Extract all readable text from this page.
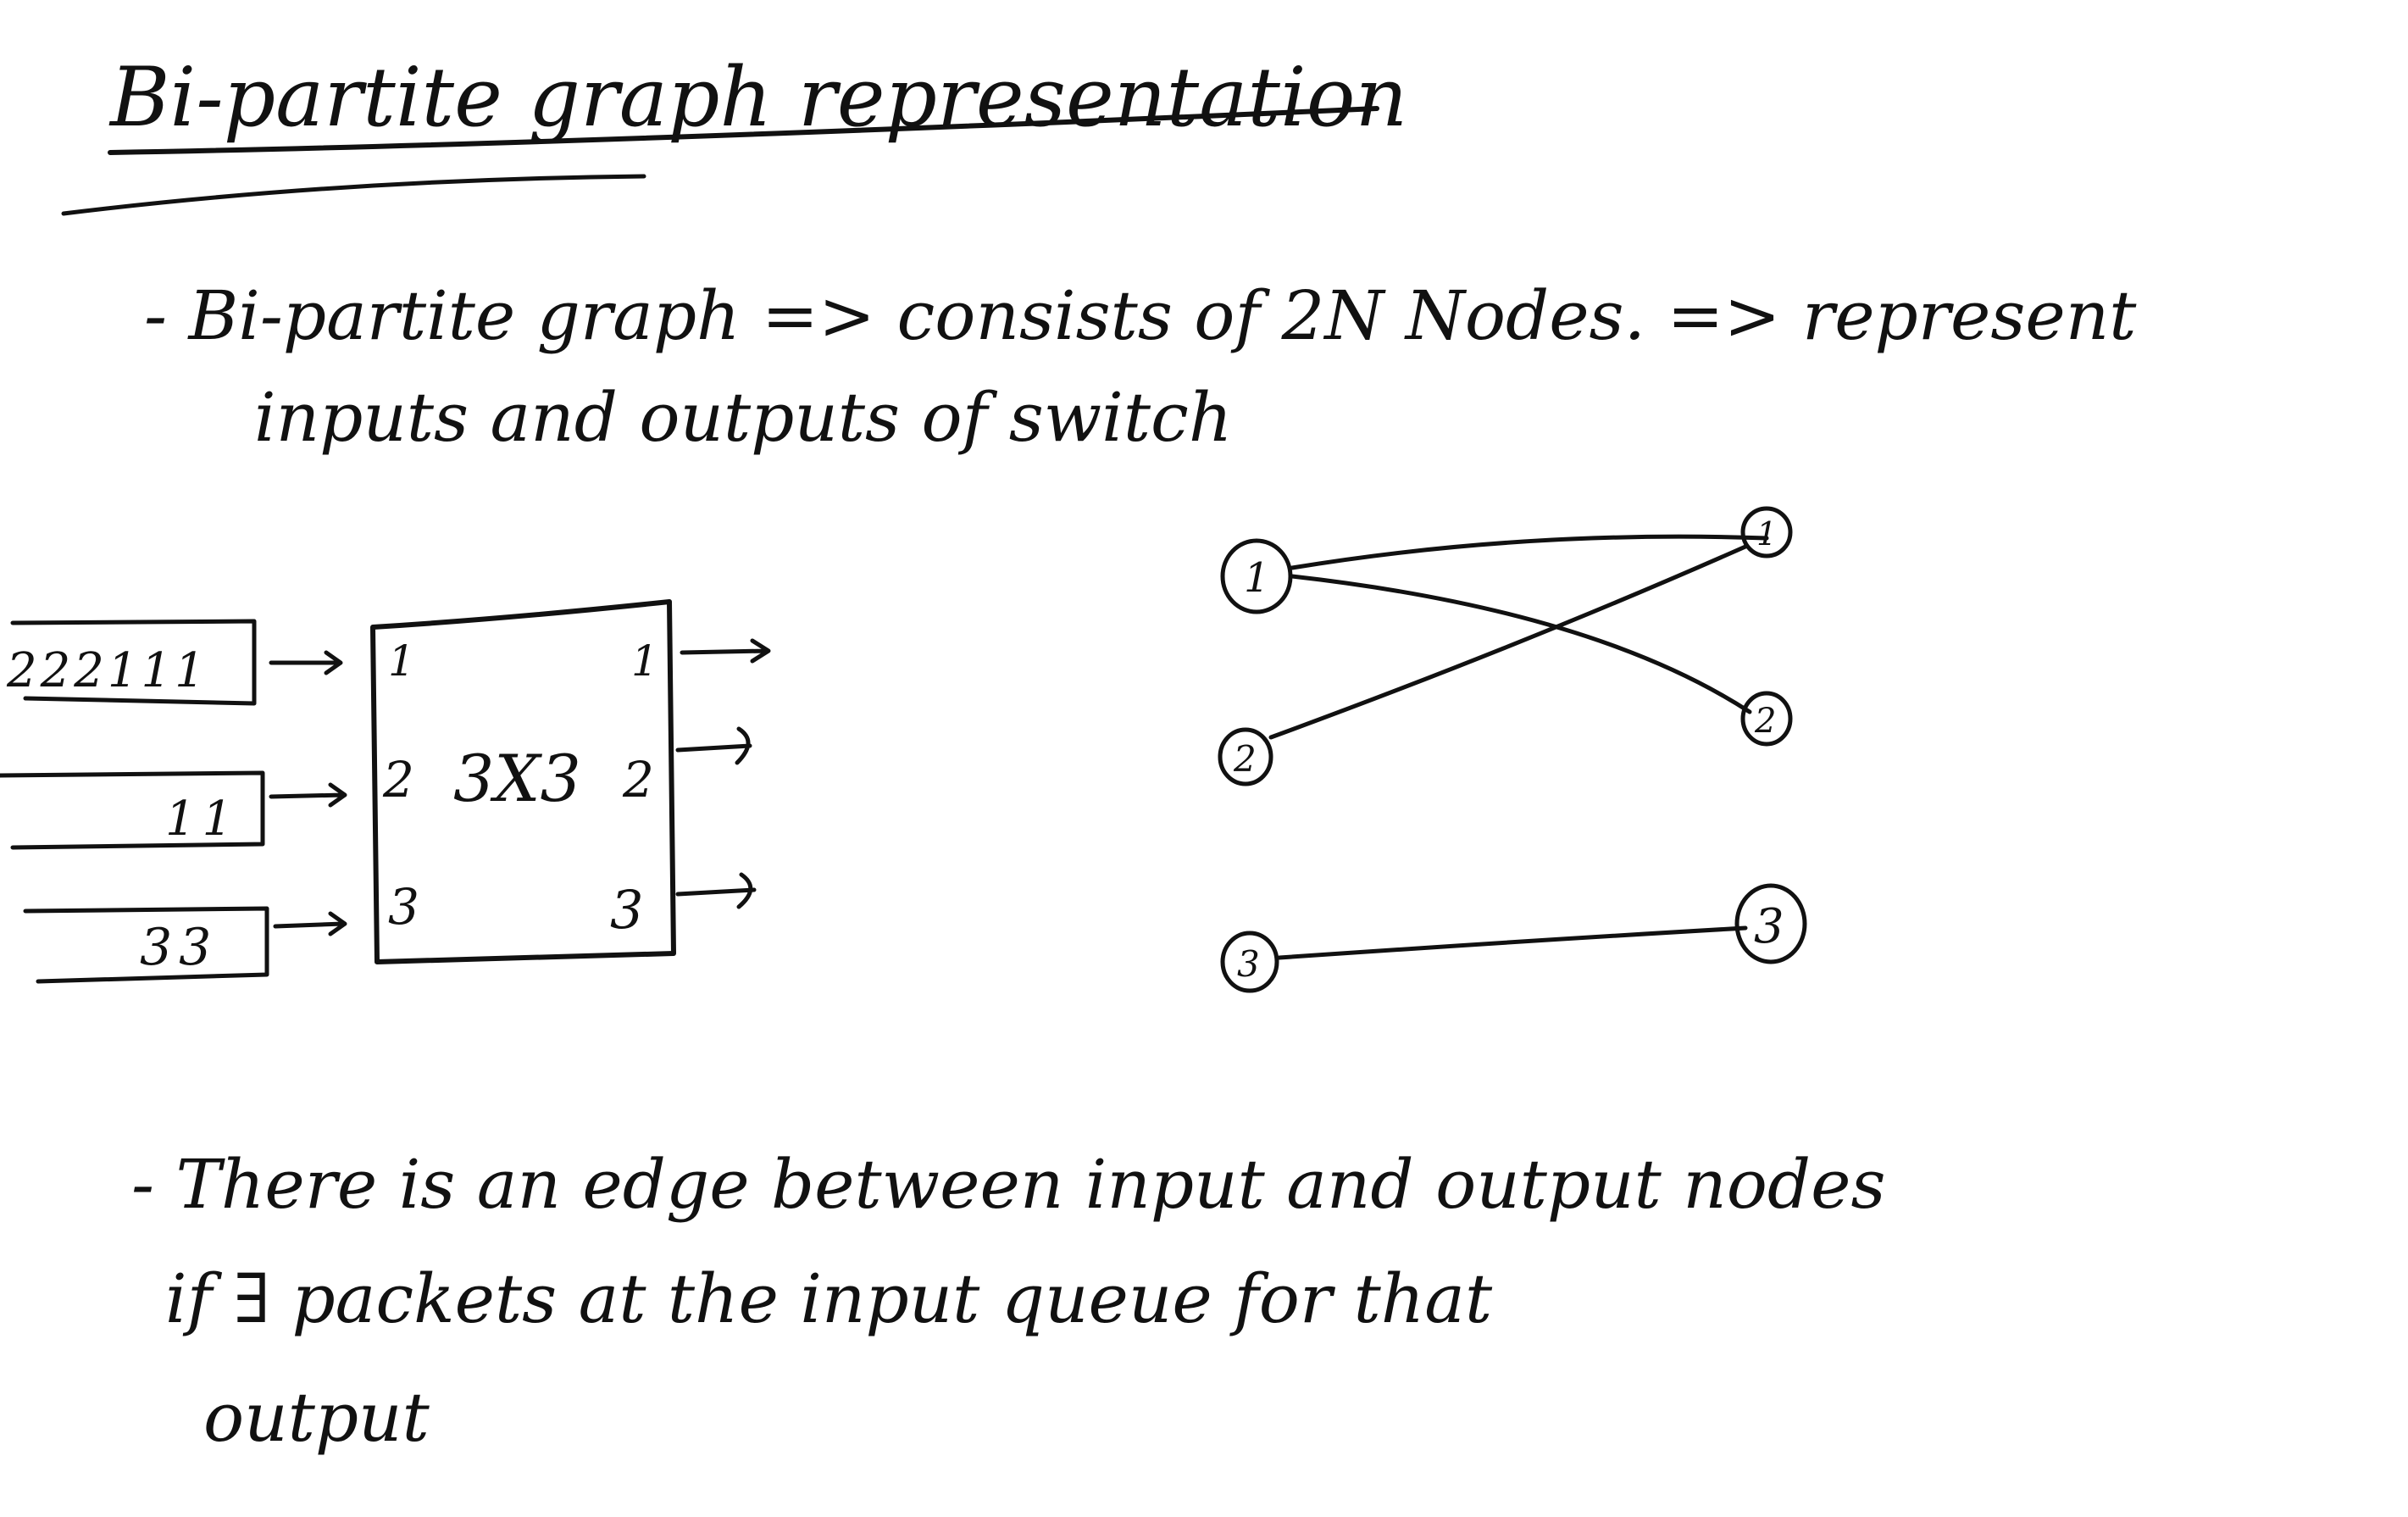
Bi-partite graph representation
- Bi-partite graph => consists of 2N Nodes. => represent
inputs and outputs of switch
222111
11
33
3X3
1
2
3
1
2
3
1
2
3
1
2
3
- There is an edge between input and output nodes
if ∃ packets at the input queue for that
output
